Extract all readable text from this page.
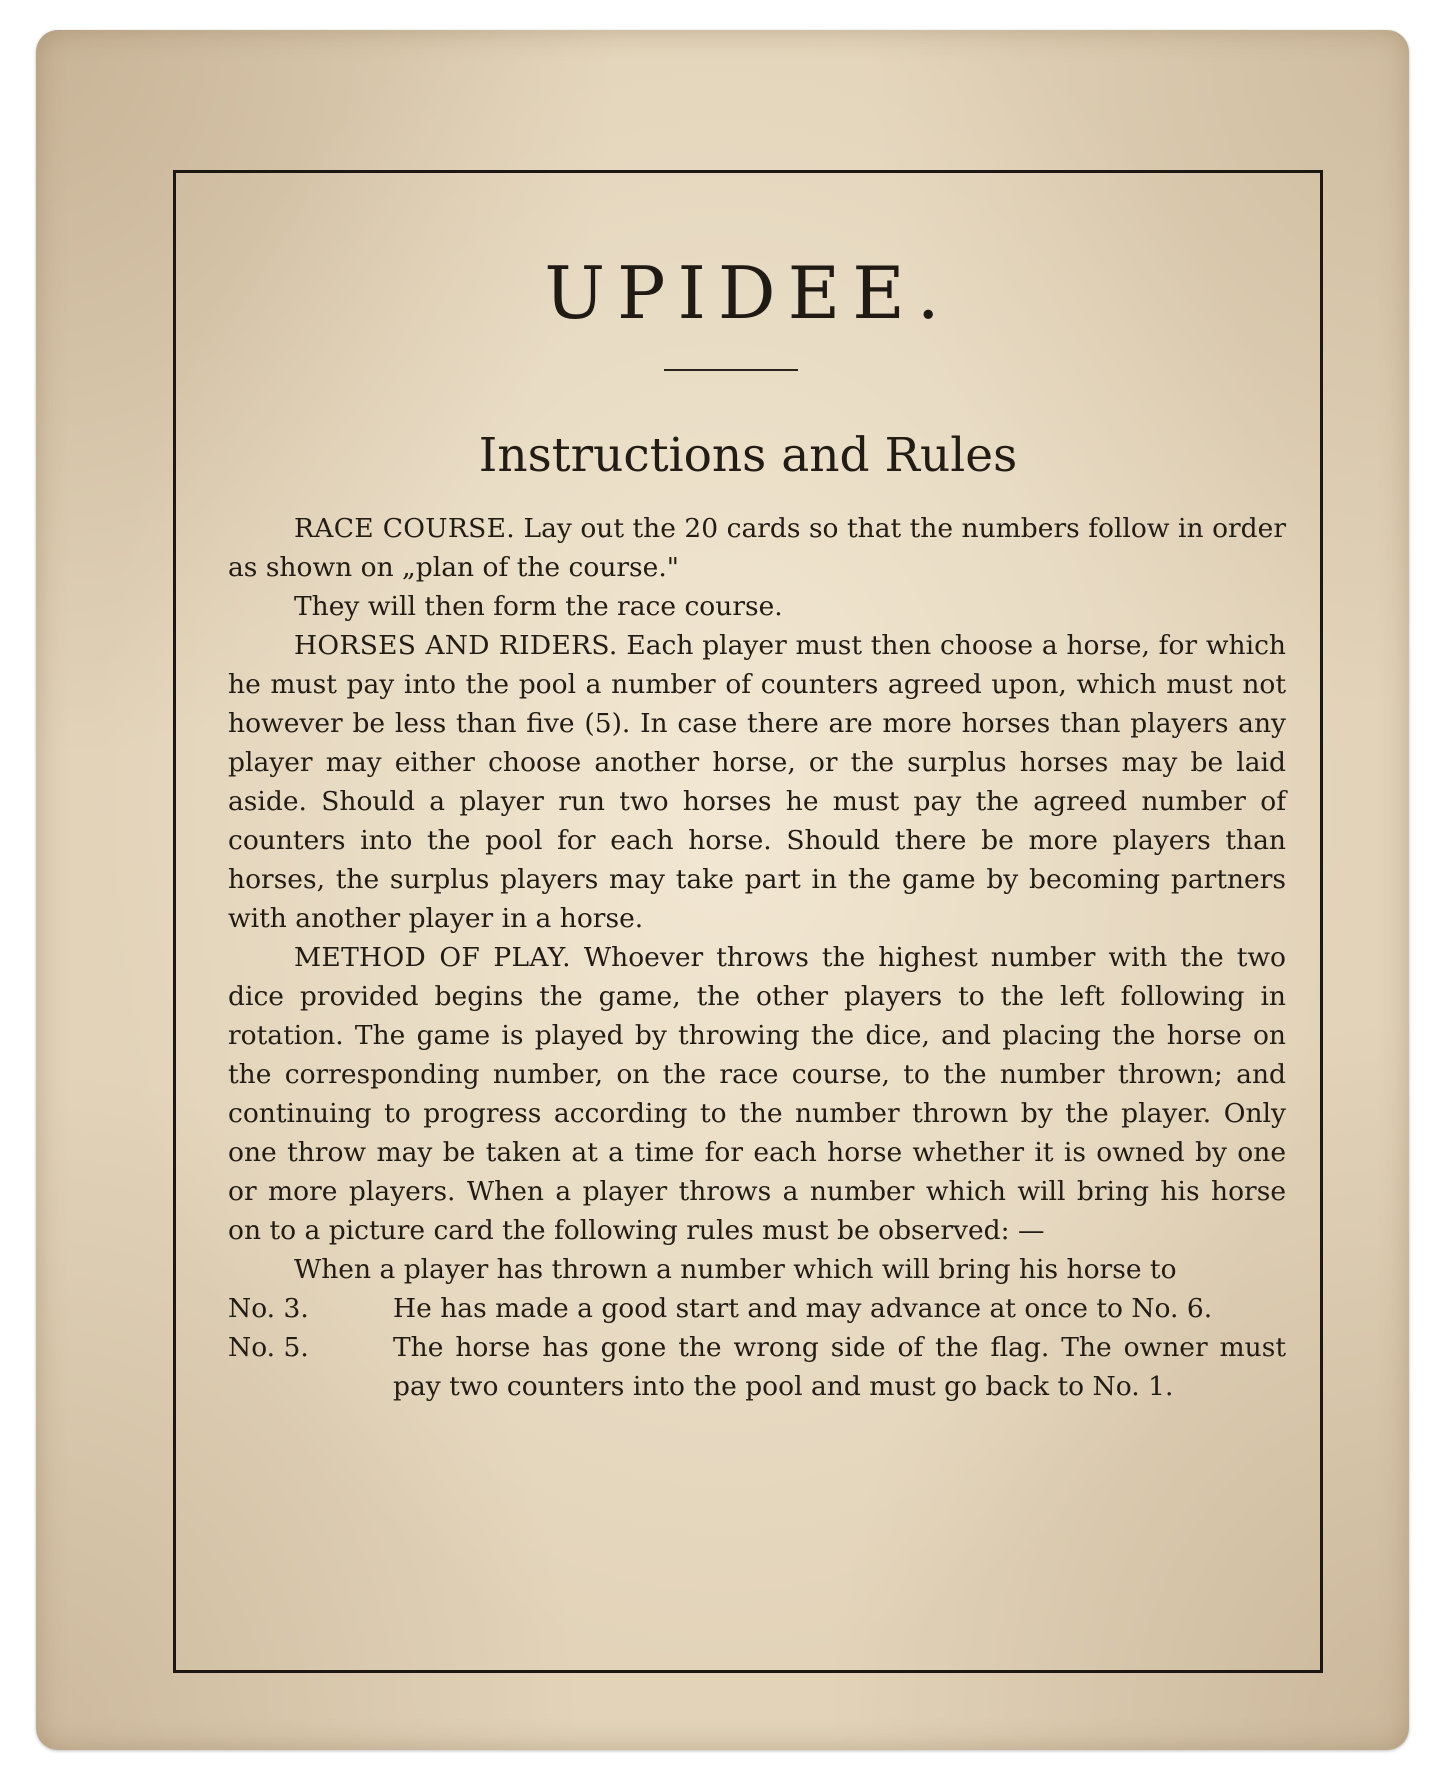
UPIDEE.
Instructions and Rules

RACE COURSE. Lay out the 20 cards so that the numbers follow in order as shown on „plan of the course."

They will then form the race course.

HORSES AND RIDERS. Each player must then choose a horse, for which he must pay into the pool a number of counters agreed upon, which must not however be less than five (5). In case there are more horses than players any player may either choose another horse, or the surplus horses may be laid aside. Should a player run two horses he must pay the agreed number of counters into the pool for each horse. Should there be more players than horses, the surplus players may take part in the game by becoming partners with another player in a horse.

METHOD OF PLAY. Whoever throws the highest number with the two dice provided begins the game, the other players to the left following in rotation. The game is played by throwing the dice, and placing the horse on the corresponding number, on the race course, to the number thrown; and continuing to progress according to the number thrown by the player. Only one throw may be taken at a time for each horse whether it is owned by one or more players. When a player throws a number which will bring his horse on to a picture card the following rules must be observed: —

When a player has thrown a number which will bring his horse to

No. 3.	He has made a good start and may advance at once to No. 6.
No. 5.	The horse has gone the wrong side of the flag. The owner must pay two counters into the pool and must go back to No. 1.
